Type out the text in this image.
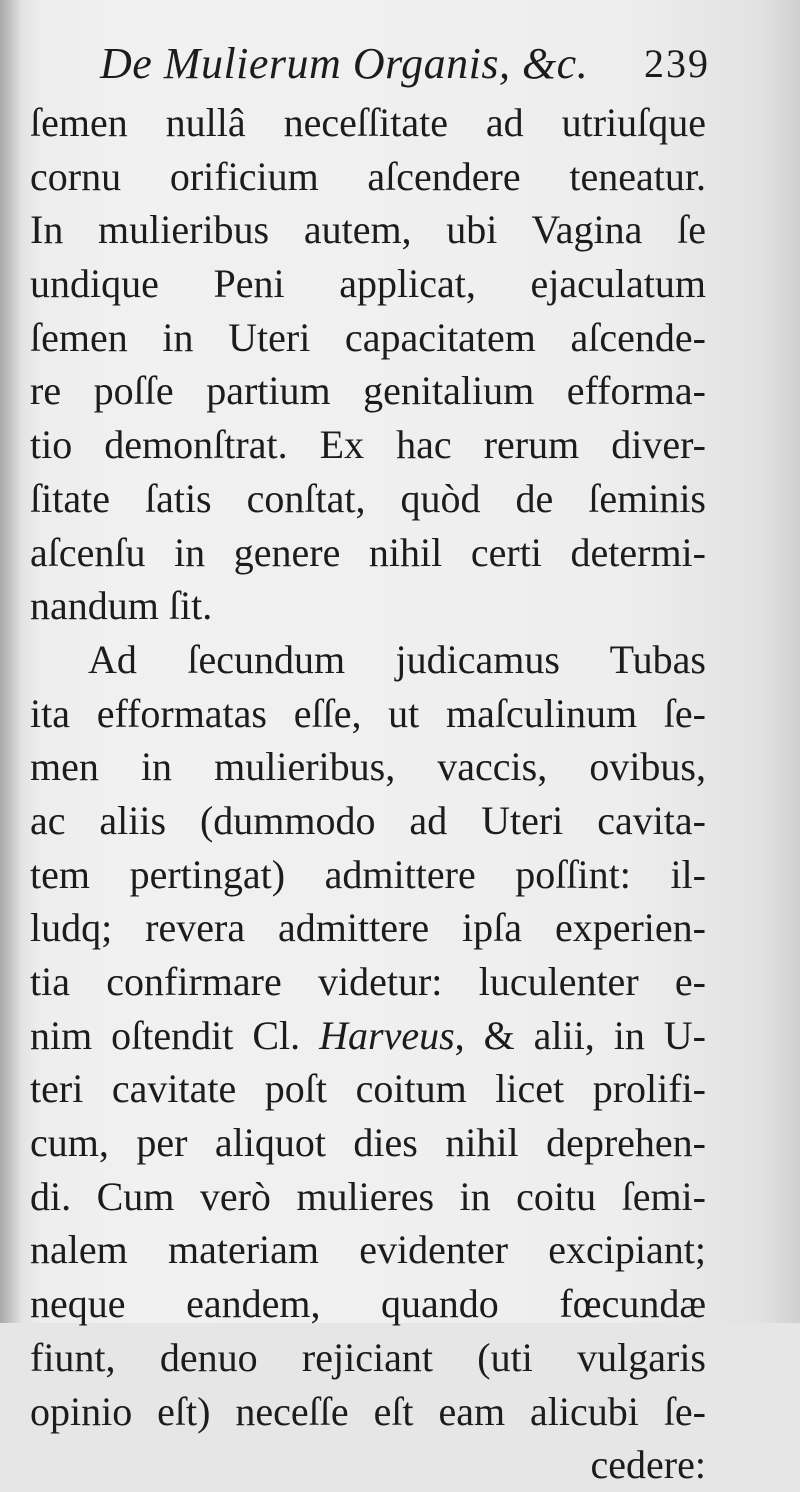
De Mulierum Organis, &c. 239
ſemen nullâ neceſſitate ad utriuſque
cornu orificium aſcendere teneatur.
In mulieribus autem, ubi Vagina ſe
undique Peni applicat, ejaculatum
ſemen in Uteri capacitatem aſcende-
re poſſe partium genitalium efforma-
tio demonſtrat. Ex hac rerum diver-
ſitate ſatis conſtat, quòd de ſeminis
aſcenſu in genere nihil certi determi-
nandum ſit.
Ad ſecundum judicamus Tubas
ita efformatas eſſe, ut maſculinum ſe-
men in mulieribus, vaccis, ovibus,
ac aliis (dummodo ad Uteri cavita-
tem pertingat) admittere poſſint: il-
ludq; revera admittere ipſa experien-
tia confirmare videtur: luculenter e-
nim oſtendit Cl. Harveus, & alii, in U-
teri cavitate poſt coitum licet prolifi-
cum, per aliquot dies nihil deprehen-
di. Cum verò mulieres in coitu ſemi-
nalem materiam evidenter excipiant;
neque eandem, quando fœcundæ
fiunt, denuo rejiciant (uti vulgaris
opinio eſt) neceſſe eſt eam alicubi ſe-
cedere:
